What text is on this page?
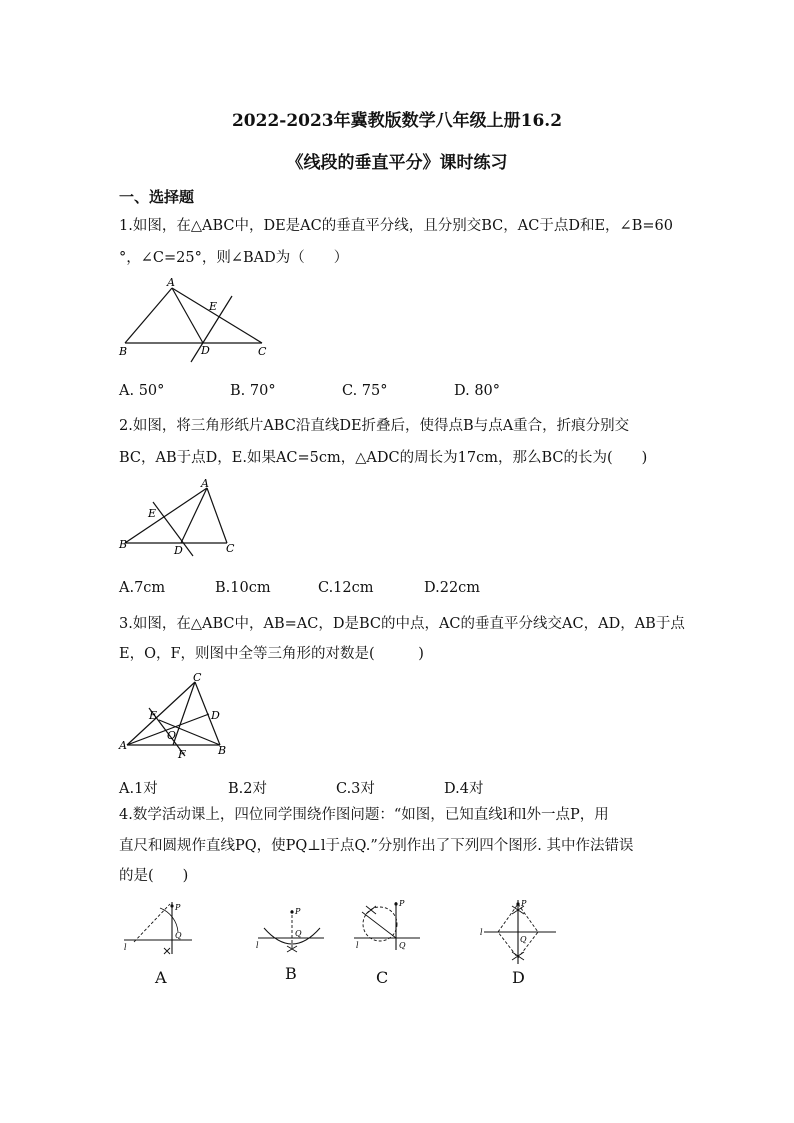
2022-2023年冀教版数学八年级上册16.2
《线段的垂直平分》课时练习
一、选择题
1.如图，在△ABC中，DE是AC的垂直平分线，且分别交BC，AC于点D和E，∠B=60
°，∠C=25°，则∠BAD为（　　）
A
E
B	D	C
A. 50°	B. 70°	C. 75°	D. 80°
2.如图，将三角形纸片ABC沿直线DE折叠后，使得点B与点A重合，折痕分别交
BC，AB于点D，E.如果AC=5cm，△ADC的周长为17cm，那么BC的长为(　　)
A
E
B	D	C
A.7cm	B.10cm	C.12cm	D.22cm
3.如图，在△ABC中，AB=AC，D是BC的中点，AC的垂直平分线交AC，AD，AB于点
E，O，F，则图中全等三角形的对数是(　　　)
C
E	D
O
A
F	B
A.1对	B.2对	C.3对	D.4对
4.数学活动课上，四位同学围绕作图问题：“如图，已知直线l和l外一点P，用
直尺和圆规作直线PQ，使PQ⊥l于点Q.”分别作出了下列四个图形. 其中作法错误
的是(　　)
P
Q
l
A
P
Q
l
B
P
Q
l
C
P
Q
l
D
